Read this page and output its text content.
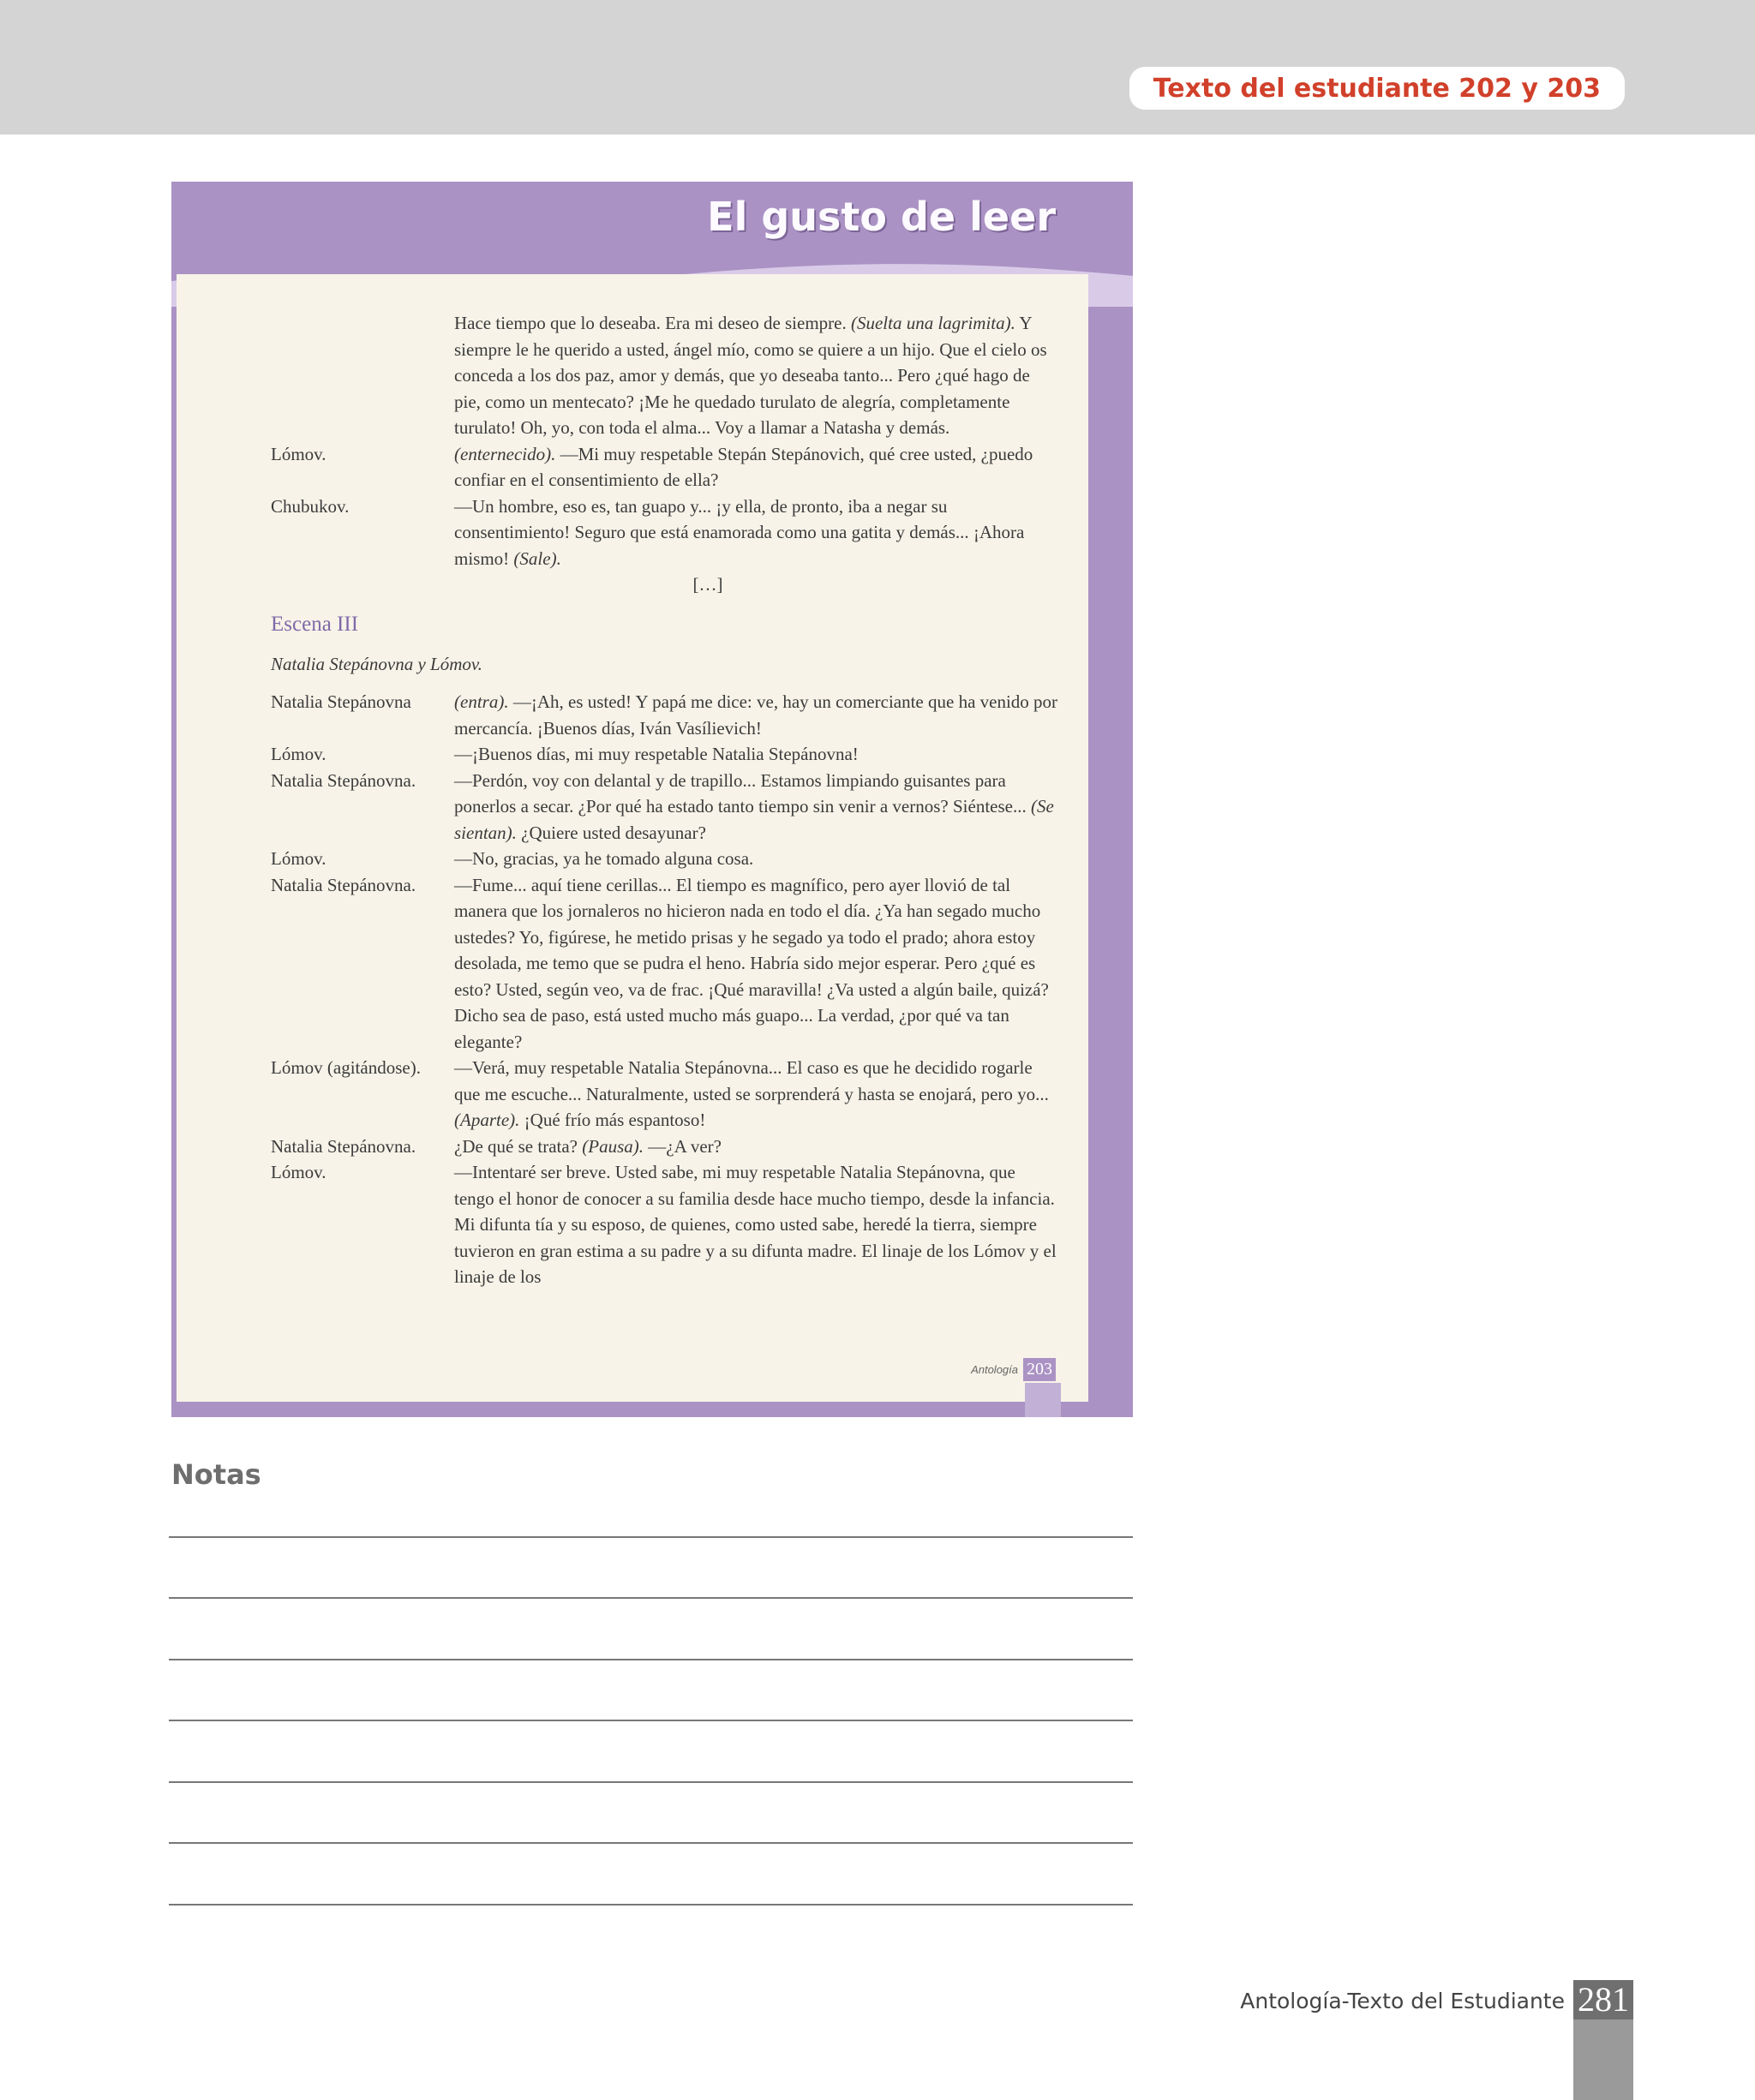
Texto del estudiante 202 y 203
El gusto de leer
Hace tiempo que lo deseaba. Era mi deseo de siempre. (Suelta una lagrimita). Y siempre le he querido a usted, ángel mío, como se quiere a un hijo. Que el cielo os conceda a los dos paz, amor y demás, que yo deseaba tanto... Pero ¿qué hago de pie, como un mentecato? ¡Me he quedado turulato de alegría, completamente turulato! Oh, yo, con toda el alma... Voy a llamar a Natasha y demás.
Lómov.	(enternecido). —Mi muy respetable Stepán Stepánovich, qué cree usted, ¿puedo confiar en el consentimiento de ella?
Chubukov.	—Un hombre, eso es, tan guapo y... ¡y ella, de pronto, iba a negar su consentimiento! Seguro que está enamorada como una gatita y demás... ¡Ahora mismo! (Sale).
[…]
Escena III
Natalia Stepánovna y Lómov.
Natalia Stepánovna	(entra). —¡Ah, es usted! Y papá me dice: ve, hay un comerciante que ha venido por mercancía. ¡Buenos días, Iván Vasílievich!
Lómov.	—¡Buenos días, mi muy respetable Natalia Stepánovna!
Natalia Stepánovna.	—Perdón, voy con delantal y de trapillo... Estamos limpiando guisantes para ponerlos a secar. ¿Por qué ha estado tanto tiempo sin venir a vernos? Siéntese... (Se sientan). ¿Quiere usted desayunar?
Lómov.	—No, gracias, ya he tomado alguna cosa.
Natalia Stepánovna.	—Fume... aquí tiene cerillas... El tiempo es magnífico, pero ayer llovió de tal manera que los jornaleros no hicieron nada en todo el día. ¿Ya han segado mucho ustedes? Yo, figúrese, he metido prisas y he segado ya todo el prado; ahora estoy desolada, me temo que se pudra el heno. Habría sido mejor esperar. Pero ¿qué es esto? Usted, según veo, va de frac. ¡Qué maravilla! ¿Va usted a algún baile, quizá? Dicho sea de paso, está usted mucho más guapo... La verdad, ¿por qué va tan elegante?
Lómov (agitándose).	—Verá, muy respetable Natalia Stepánovna... El caso es que he decidido rogarle que me escuche... Naturalmente, usted se sorprenderá y hasta se enojará, pero yo... (Aparte). ¡Qué frío más espantoso!
Natalia Stepánovna.	¿De qué se trata? (Pausa). —¿A ver?
Lómov.	—Intentaré ser breve. Usted sabe, mi muy respetable Natalia Stepánovna, que tengo el honor de conocer a su familia desde hace mucho tiempo, desde la infancia. Mi difunta tía y su esposo, de quienes, como usted sabe, heredé la tierra, siempre tuvieron en gran estima a su padre y a su difunta madre. El linaje de los Lómov y el linaje de los
Antología 203
Notas
Antología-Texto del Estudiante 281
